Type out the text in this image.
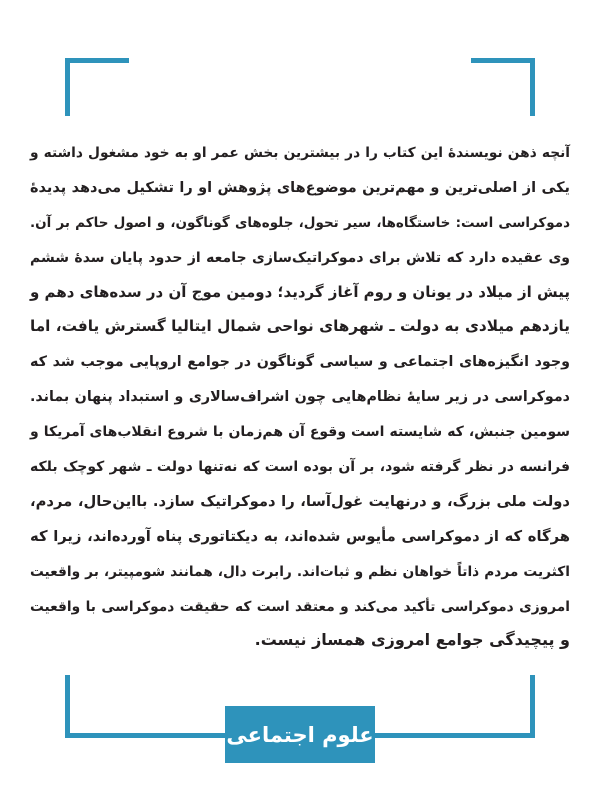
آنچه ذهن نویسندهٔ این کتاب را در بیشترین بخش عمر او به خود مشغول داشته و
یکی از اصلی‌ترین و مهم‌ترین موضوع‌های پژوهش او را تشکیل می‌دهد پدیدهٔ
دموکراسی است: خاستگاه‌ها، سیر تحول، جلوه‌های گوناگون، و اصول حاکم بر آن.
وی عقیده دارد که تلاش برای دموکراتیک‌سازی جامعه از حدود پایان سدهٔ ششم
پیش از میلاد در یونان و روم آغاز گردید؛ دومین موج آن در سده‌های دهم و
یازدهم میلادی به دولت ـ شهرهای نواحی شمال ایتالیا گسترش یافت، اما
وجود انگیزه‌های اجتماعی و سیاسی گوناگون در جوامع اروپایی موجب شد که
دموکراسی در زیر سایهٔ نظام‌هایی چون اشراف‌سالاری و استبداد پنهان بماند.
سومین جنبش، که شایسته است وقوع آن هم‌زمان با شروع انقلاب‌های آمریکا و
فرانسه در نظر گرفته شود، بر آن بوده است که نه‌تنها دولت ـ شهر کوچک بلکه
دولت ملی بزرگ، و درنهایت غول‌آسا، را دموکراتیک سازد. بااین‌حال، مردم،
هرگاه که از دموکراسی مأیوس شده‌اند، به دیکتاتوری پناه آورده‌اند، زیرا که
اکثریت مردم ذاتاً خواهان نظم و ثبات‌اند. رابرت دال، همانند شومپیتر، بر واقعیت
امروزی دموکراسی تأکید می‌کند و معتقد است که حقیقت دموکراسی با واقعیت
و پیچیدگی جوامع امروزی همساز نیست.
علوم اجتماعی
